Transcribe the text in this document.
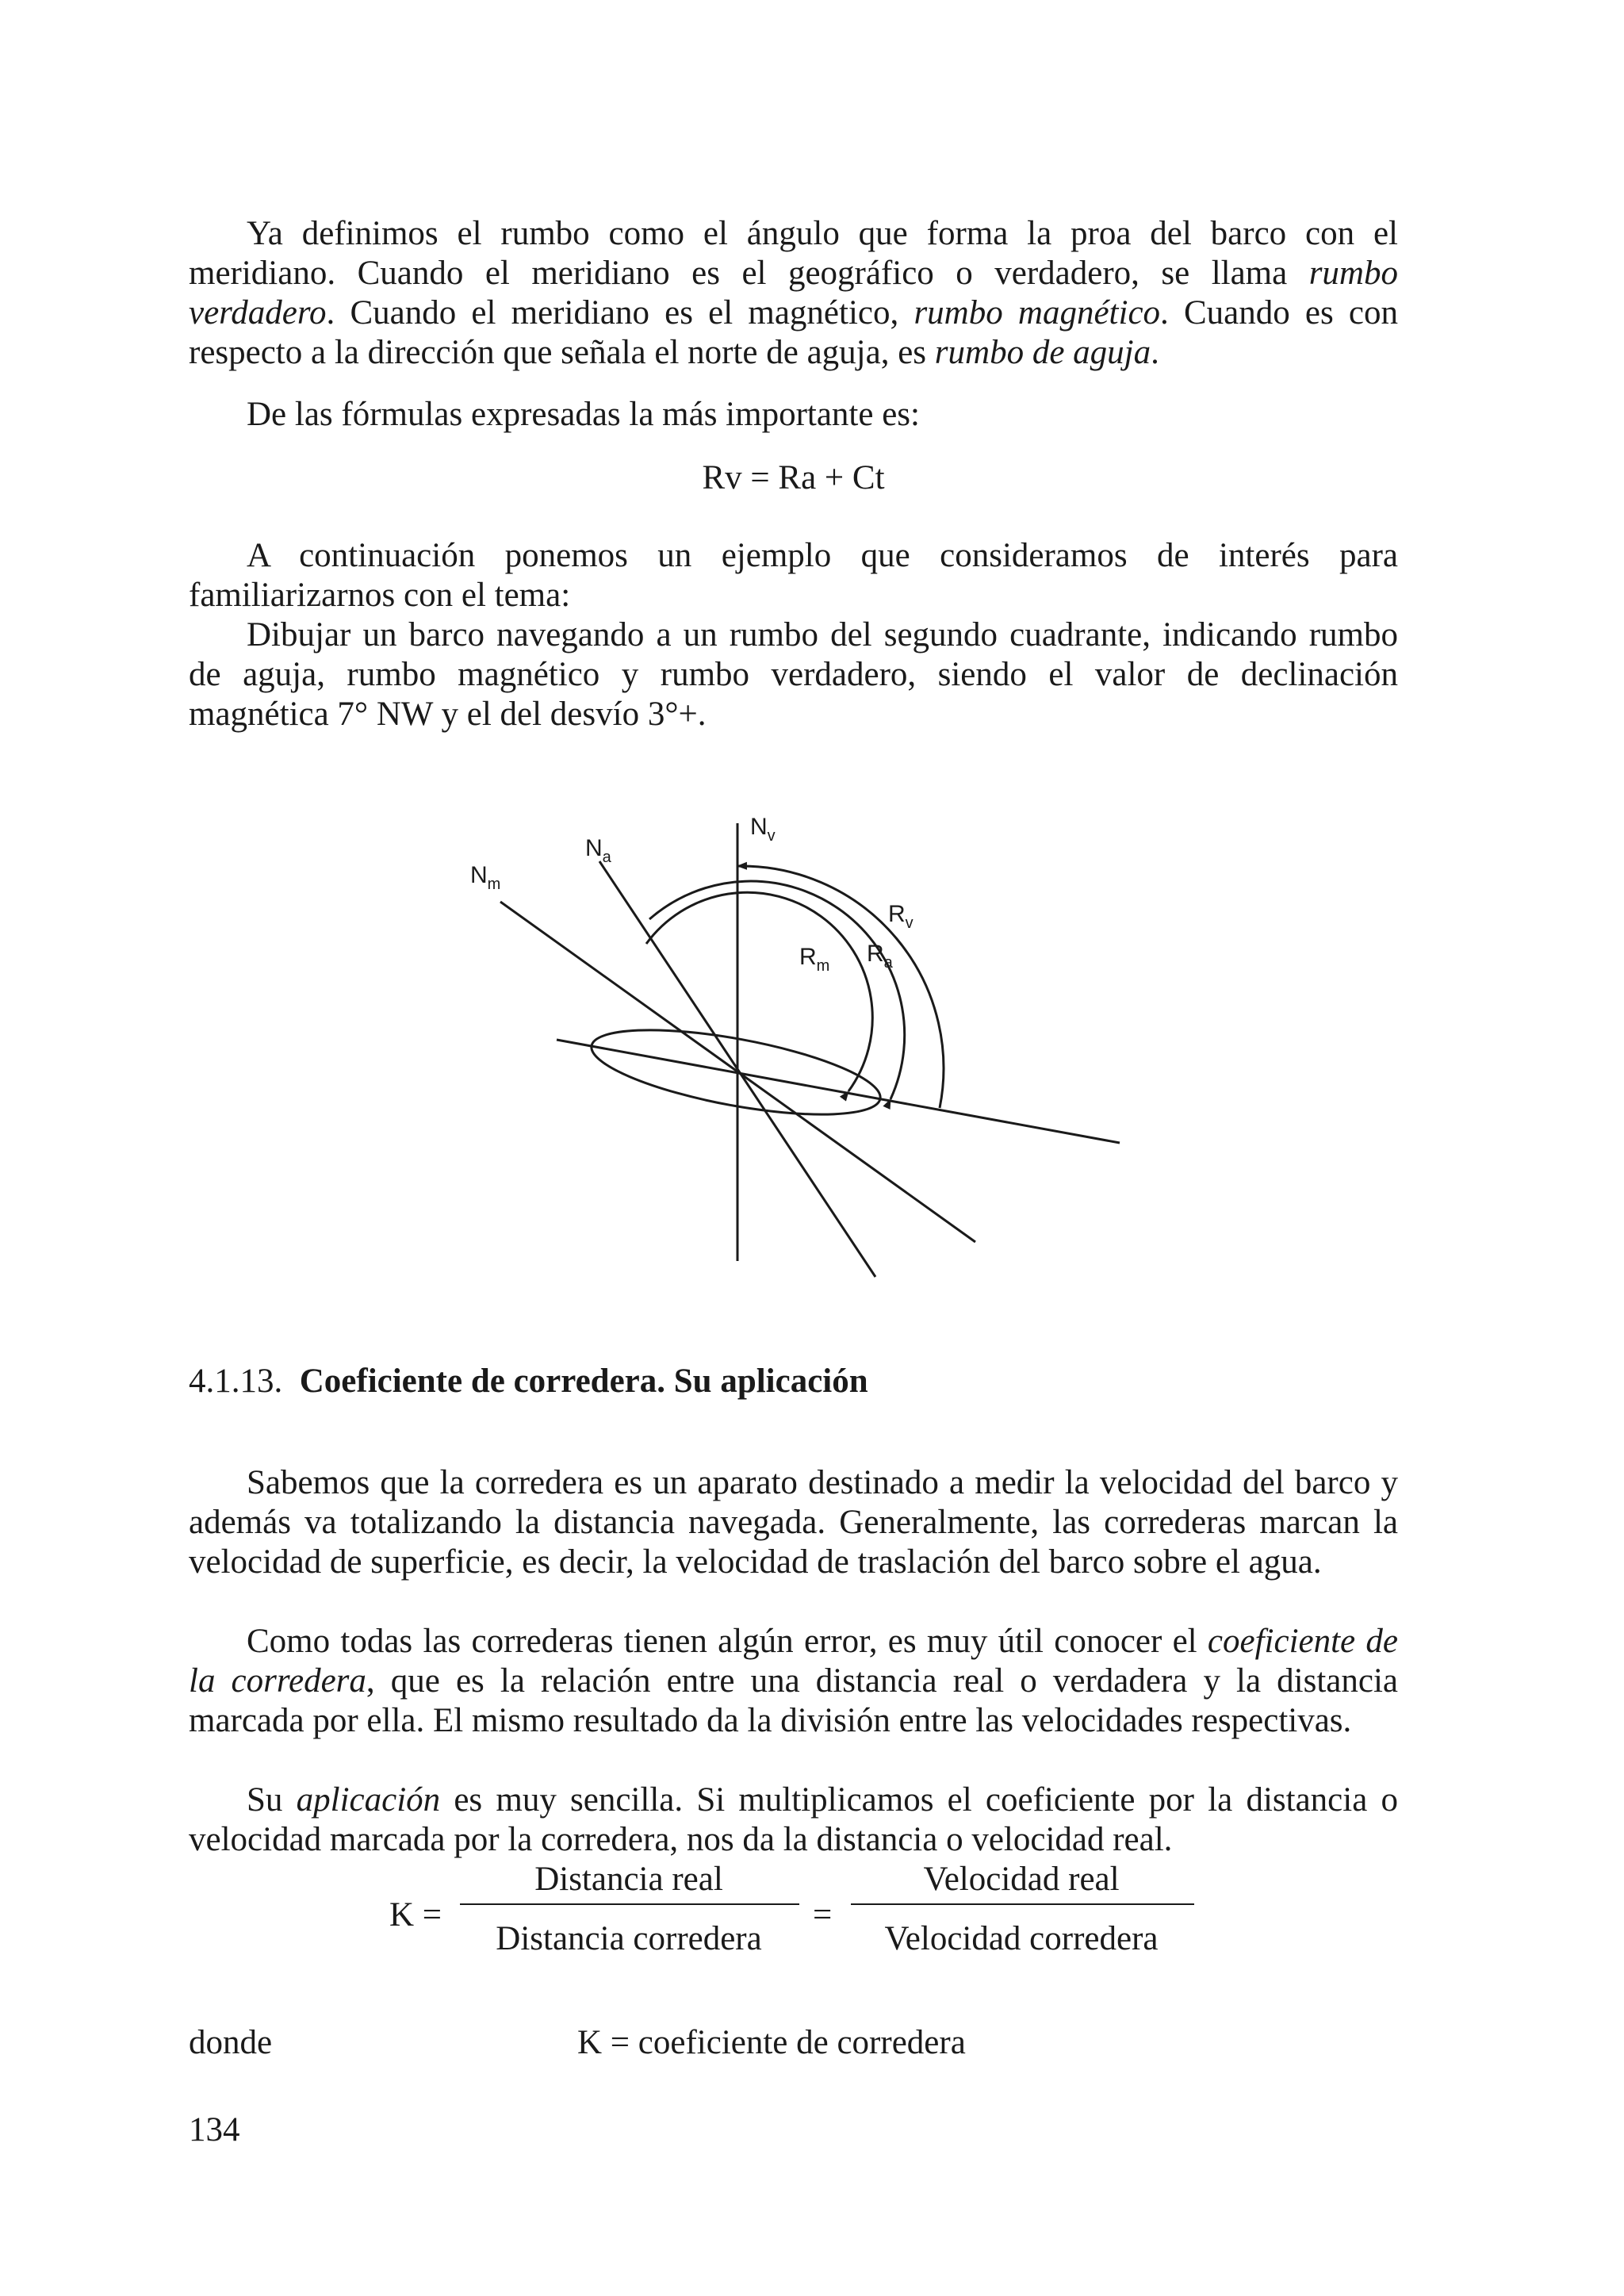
Ya definimos el rumbo como el ángulo que forma la proa del barco con el meridiano. Cuando el meridiano es el geográfico o verdadero, se llama rumbo verdadero. Cuando el meridiano es el magnético, rumbo magnético. Cuando es con respecto a la dirección que señala el norte de aguja, es rumbo de aguja.

De las fórmulas expresadas la más importante es:

Rv = Ra + Ct

A continuación ponemos un ejemplo que consideramos de interés para familiarizarnos con el tema:

Dibujar un barco navegando a un rumbo del segundo cuadrante, indicando rumbo de aguja, rumbo magnético y rumbo verdadero, siendo el valor de declinación magnética 7° NW y el del desvío 3°+.

$N_v$
$N_a$
$N_m$
$R_v$
$R_m$ $R_a$

4.1.13. Coeficiente de corredera. Su aplicación

Sabemos que la corredera es un aparato destinado a medir la velocidad del barco y además va totalizando la distancia navegada. Generalmente, las correderas marcan la velocidad de superficie, es decir, la velocidad de traslación del barco sobre el agua.

Como todas las correderas tienen algún error, es muy útil conocer el coeficiente de la corredera, que es la relación entre una distancia real o verdadera y la distancia marcada por ella. El mismo resultado da la división entre las velocidades respectivas.

Su aplicación es muy sencilla. Si multiplicamos el coeficiente por la distancia o velocidad marcada por la corredera, nos da la distancia o velocidad real.

K =
Distancia real
Distancia corredera
=
Velocidad real
Velocidad corredera
donde	K = coeficiente de corredera
134
